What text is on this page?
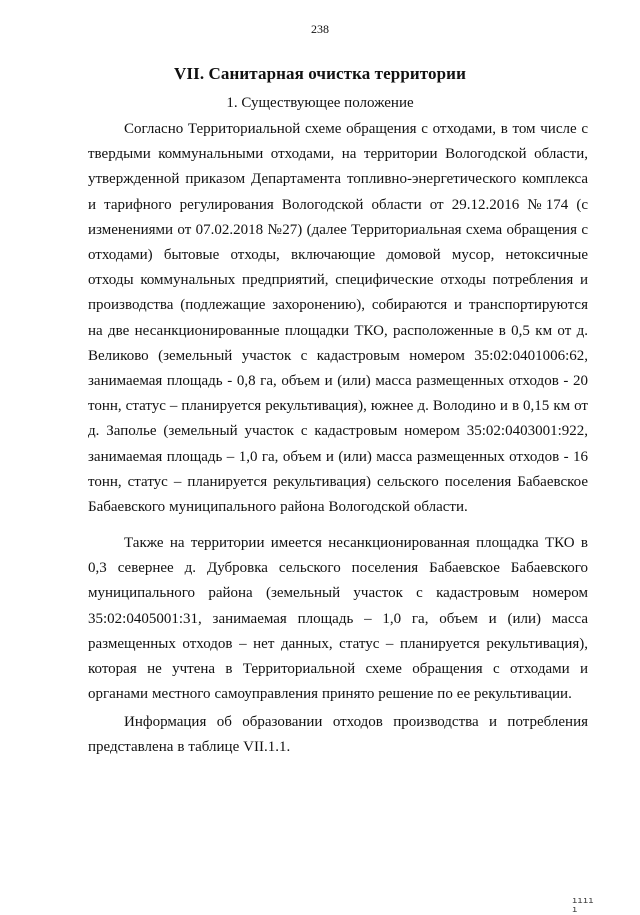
238
VII. Санитарная очистка территории
1. Существующее положение

Согласно Территориальной схеме обращения с отходами, в том числе с твердыми коммунальными отходами, на территории Вологодской области, утвержденной приказом Департамента топливно-энергетического комплекса и тарифного регулирования Вологодской области от 29.12.2016 №174 (с изменениями от 07.02.2018 №27) (далее Территориальная схема обращения с отходами) бытовые отходы, включающие домовой мусор, нетоксичные отходы коммунальных предприятий, специфические отходы потребления и производства (подлежащие захоронению), собираются и транспортируются на две несанкционированные площадки ТКО, расположенные в 0,5 км от д. Великово (земельный участок с кадастровым номером 35:02:0401006:62, занимаемая площадь - 0,8 га, объем и (или) масса размещенных отходов - 20 тонн, статус – планируется рекультивация), южнее д. Володино и в 0,15 км от д. Запольe (земельный участок с кадастровым номером 35:02:0403001:922, занимаемая площадь – 1,0 га, объем и (или) масса размещенных отходов - 16 тонн, статус – планируется рекультивация) сельского поселения Бабаевское Бабаевского муниципального района Вологодской области.

Также на территории имеется несанкционированная площадка ТКО в 0,3 севернее д. Дубровка сельского поселения Бабаевское Бабаевского муниципального района (земельный участок с кадастровым номером 35:02:0405001:31, занимаемая площадь – 1,0 га, объем и (или) масса размещенных отходов – нет данных, статус – планируется рекультивация), которая не учтена в Территориальной схеме обращения с отходами и органами местного самоуправления принято решение по ее рекультивации.

Информация об образовании отходов производства и потребления представлена в таблице VII.1.1.

ıııı ı
